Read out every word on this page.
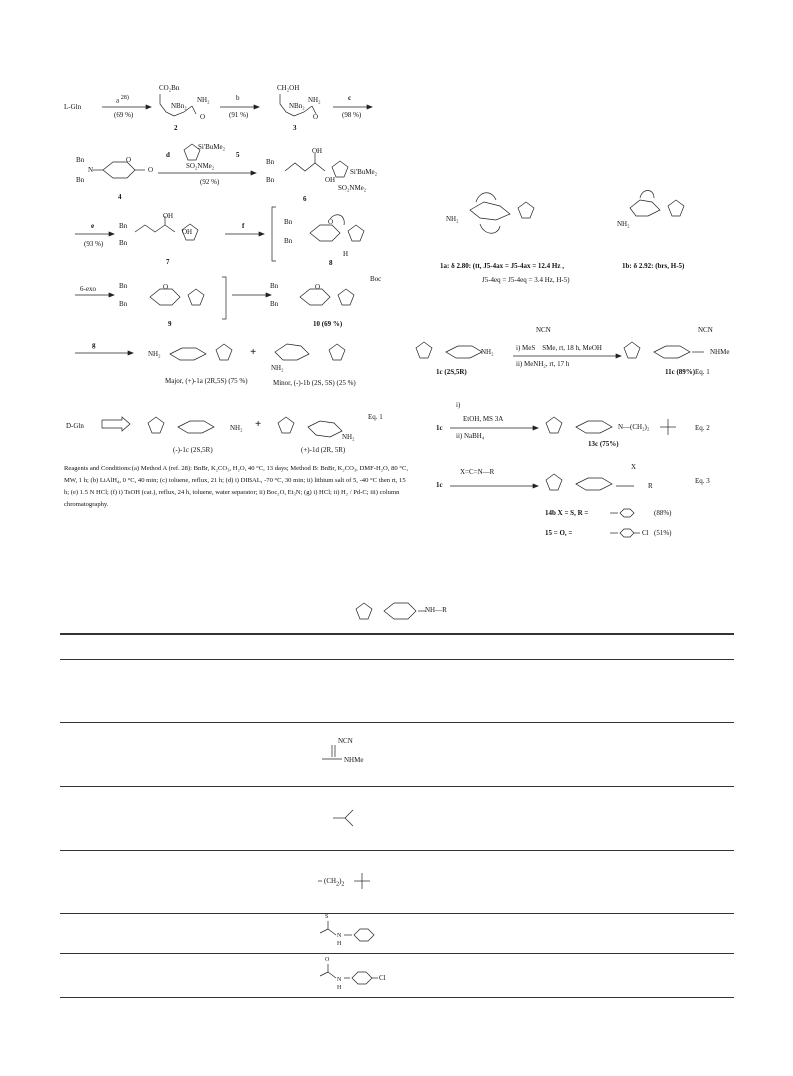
L-Gln
a $^{28)}$
(69 %)
CO₂Bn
NBn₂
NH₂
O
2
b
(91 %)
CH₂OH
NBn₂
NH₂
O
3
c
(98 %)
Bn
N
Bn
O
O
4
d
Si'BuMe₂
SO₂NMe₂
5
(92 %)
OH
OH
Bn
Bn
Si'BuMe₂
SO₂NMe₂
6
e
(93 %)
OH
OH
Bn
Bn
7
f	Bn
Bn
O
H
8
6-exo	Bn
Bn
O
9
Bn
Bn
O
Boc
10 (69 %)
g
NH₂
Major, (+)-1a (2R,5S) (75 %)
+
NH₂
Minor, (-)-1b (2S, 5S) (25 %)
D-Gln	NH₂
(-)-1c (2S,5R)
+
NH₂
(+)-1d (2R, 5R)
Eq. 1
Reagents and Conditions:(a) Method A (ref. 28): BnBr, K₂CO₃, H₂O, 40 °C, 13 days; Method B: BnBr, K₂CO₃, DMF-H₂O, 80 °C, MW, 1 h; (b) LiAlH₄, 0 °C, 40 min; (c) toluene, reflux, 21 h; (d) i) DIBAL, -70 °C, 30 min; ii) lithium salt of 5, -40 °C then rt, 15 h; (e) 1.5 N HCl; (f) i) TsOH (cat.), reflux, 24 h, toluene, water separator; ii) Boc₂O, Et₃N; (g) i) HCl; ii) H₂ / Pd-C; iii) column chromatography.
NH₂
1a: δ 2.80: (tt, J5-4ax = J5-4ax = 12.4 Hz ,
J5-4eq = J5-4eq = 3.4 Hz, H-5)
NH₂
1b: δ 2.92: (brs, H-5)
NH₂
1c (2S,5R)
i) MeS SMe, rt, 18 h, MeOH
NCN
ii) MeNH₂, rt, 17 h
NCN
NHMe
11c (89%) Eq. 1
1c
i)
EtOH, MS 3A
ii) NaBH₄
N—(CH₂)₂
13c (75%)
Eq. 2
X=C=N—R
1c
X
R
Eq. 3
14b X = S, R =	(88%)
15 = O, =	Cl (51%)
NH—R
NCN
NHMe
$(CH_2)_2$
S
N
H
O
N
H
Cl
